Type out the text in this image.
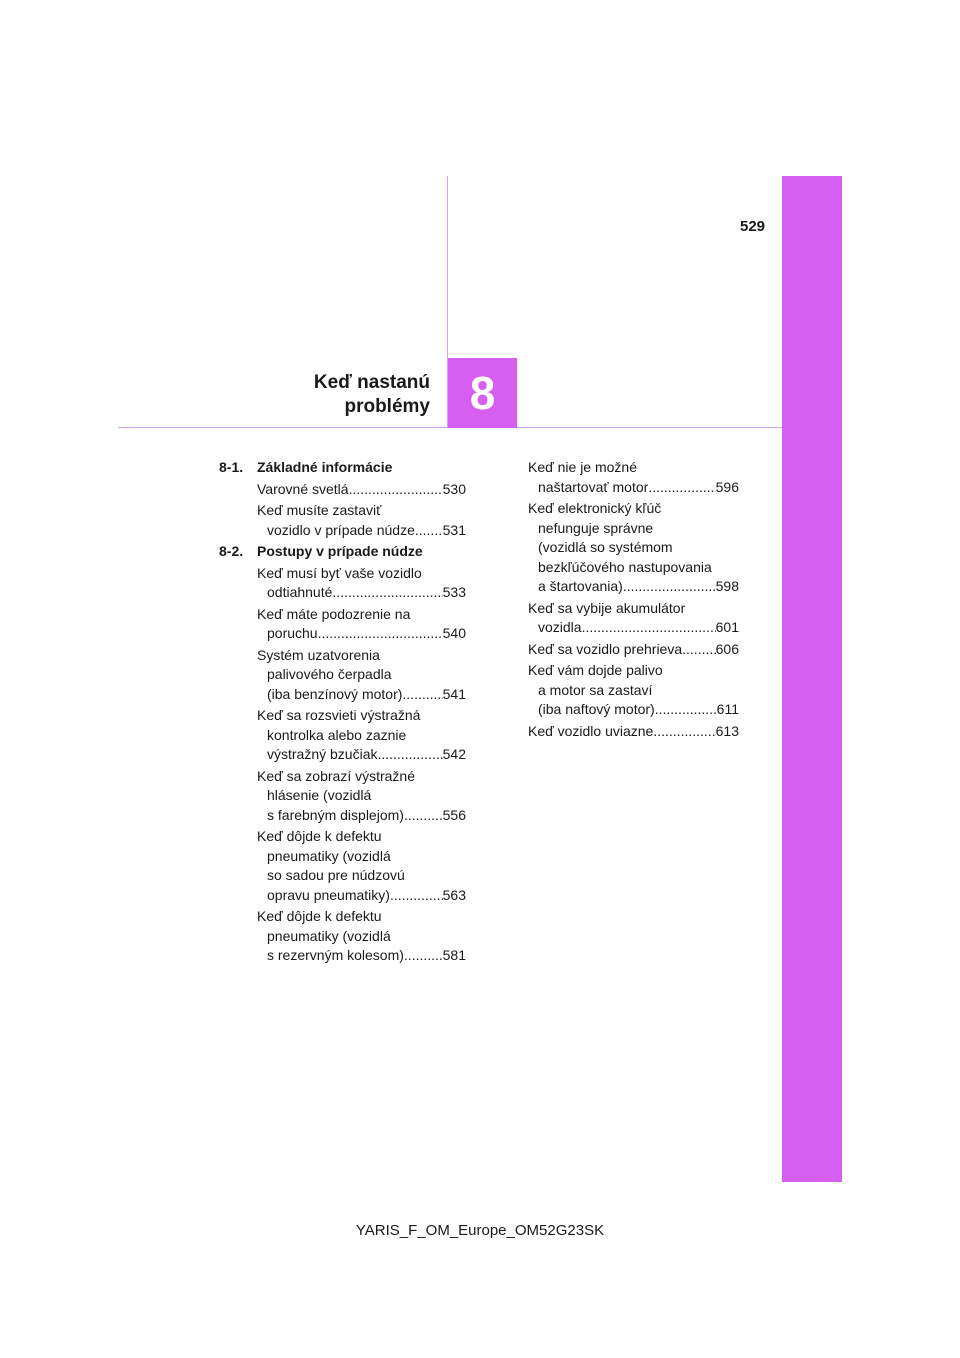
529
Keď nastanú
problémy 8
8-1. Základné informácie
Varovné svetlá .....	530
Keď musíte zastaviť
vozidlo v prípade núdze ..... 531
8-2. Postupy v prípade núdze
Keď musí byť vaše vozidlo
odtiahnuté .....	533
Keď máte podozrenie na
poruchu .....	540
Systém uzatvorenia
palivového čerpadla
(iba benzínový motor) .....	541
Keď sa rozsvieti výstražná
kontrolka alebo zaznie
výstražný bzučiak .....	542
Keď sa zobrazí výstražné
hlásenie (vozidlá
s farebným displejom) .....	556
Keď dôjde k defektu
pneumatiky (vozidlá
so sadou pre núdzovú
opravu pneumatiky) .....	563
Keď dôjde k defektu
pneumatiky (vozidlá
s rezervným kolesom) .....	581
Keď nie je možné
naštartovať motor .....	596
Keď elektronický kľúč
nefunguje správne
(vozidlá so systémom
bezkľúčového nastupovania
a štartovania) .....	598
Keď sa vybije akumulátor
vozidla .....	601
Keď sa vozidlo prehrieva ..... 606
Keď vám dojde palivo
a motor sa zastaví
(iba naftový motor) .....	611
Keď vozidlo uviazne .....	613
YARIS_F_OM_Europe_OM52G23SK
